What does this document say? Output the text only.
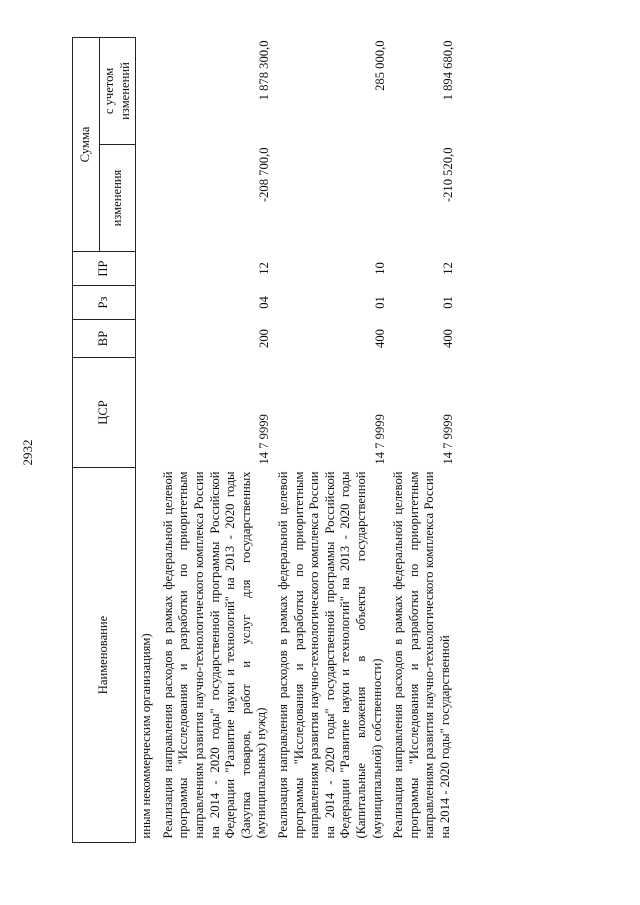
2932
Наименование	ЦСР	ВР	Рз	ПР	Сумма	
					изменения	с учетом изменений
иным некоммерческим организациям)						
Реализация направления расходов в рамках федеральной целевой программы "Исследования и разработки по приоритетным направлениям развития научно-технологического комплекса России на 2014 - 2020 годы" государственной программы Российской Федерации "Развитие науки и технологий" на 2013 - 2020 годы (Закупка товаров, работ и услуг для государственных (муниципальных) нужд)	14 7 9999	200	04	12	-208 700,0	1 878 300,0
Реализация направления расходов в рамках федеральной целевой программы "Исследования и разработки по приоритетным направлениям развития научно-технологического комплекса России на 2014 - 2020 годы" государственной программы Российской Федерации "Развитие науки и технологий" на 2013 - 2020 годы (Капитальные вложения в объекты государственной (муниципальной) собственности)	14 7 9999	400	01	10		285 000,0
Реализация направления расходов в рамках федеральной целевой программы "Исследования и разработки по приоритетным направлениям развития научно-технологического комплекса России на 2014 - 2020 годы" государственной	14 7 9999	400	01	12	-210 520,0	1 894 680,0
